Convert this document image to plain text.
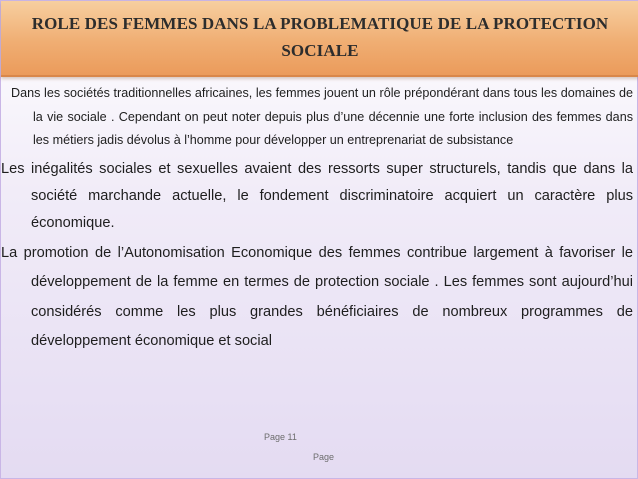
ROLE DES FEMMES DANS LA PROBLEMATIQUE DE LA PROTECTION SOCIALE

Dans les sociétés traditionnelles africaines, les femmes jouent un rôle prépondérant dans tous les domaines de la vie sociale . Cependant on peut noter depuis plus d’une décennie une forte inclusion des femmes dans les métiers jadis dévolus à l’homme pour développer un entreprenariat de subsistance

Les inégalités sociales et sexuelles avaient des ressorts super structurels, tandis que dans la société marchande actuelle, le fondement discriminatoire acquiert un caractère plus économique.

La promotion de l’Autonomisation Economique des femmes contribue largement à favoriser le développement de la femme en termes de protection sociale . Les femmes sont aujourd’hui considérés comme les plus grandes bénéficiaires de nombreux programmes de développement économique et social

Page 11
Page
